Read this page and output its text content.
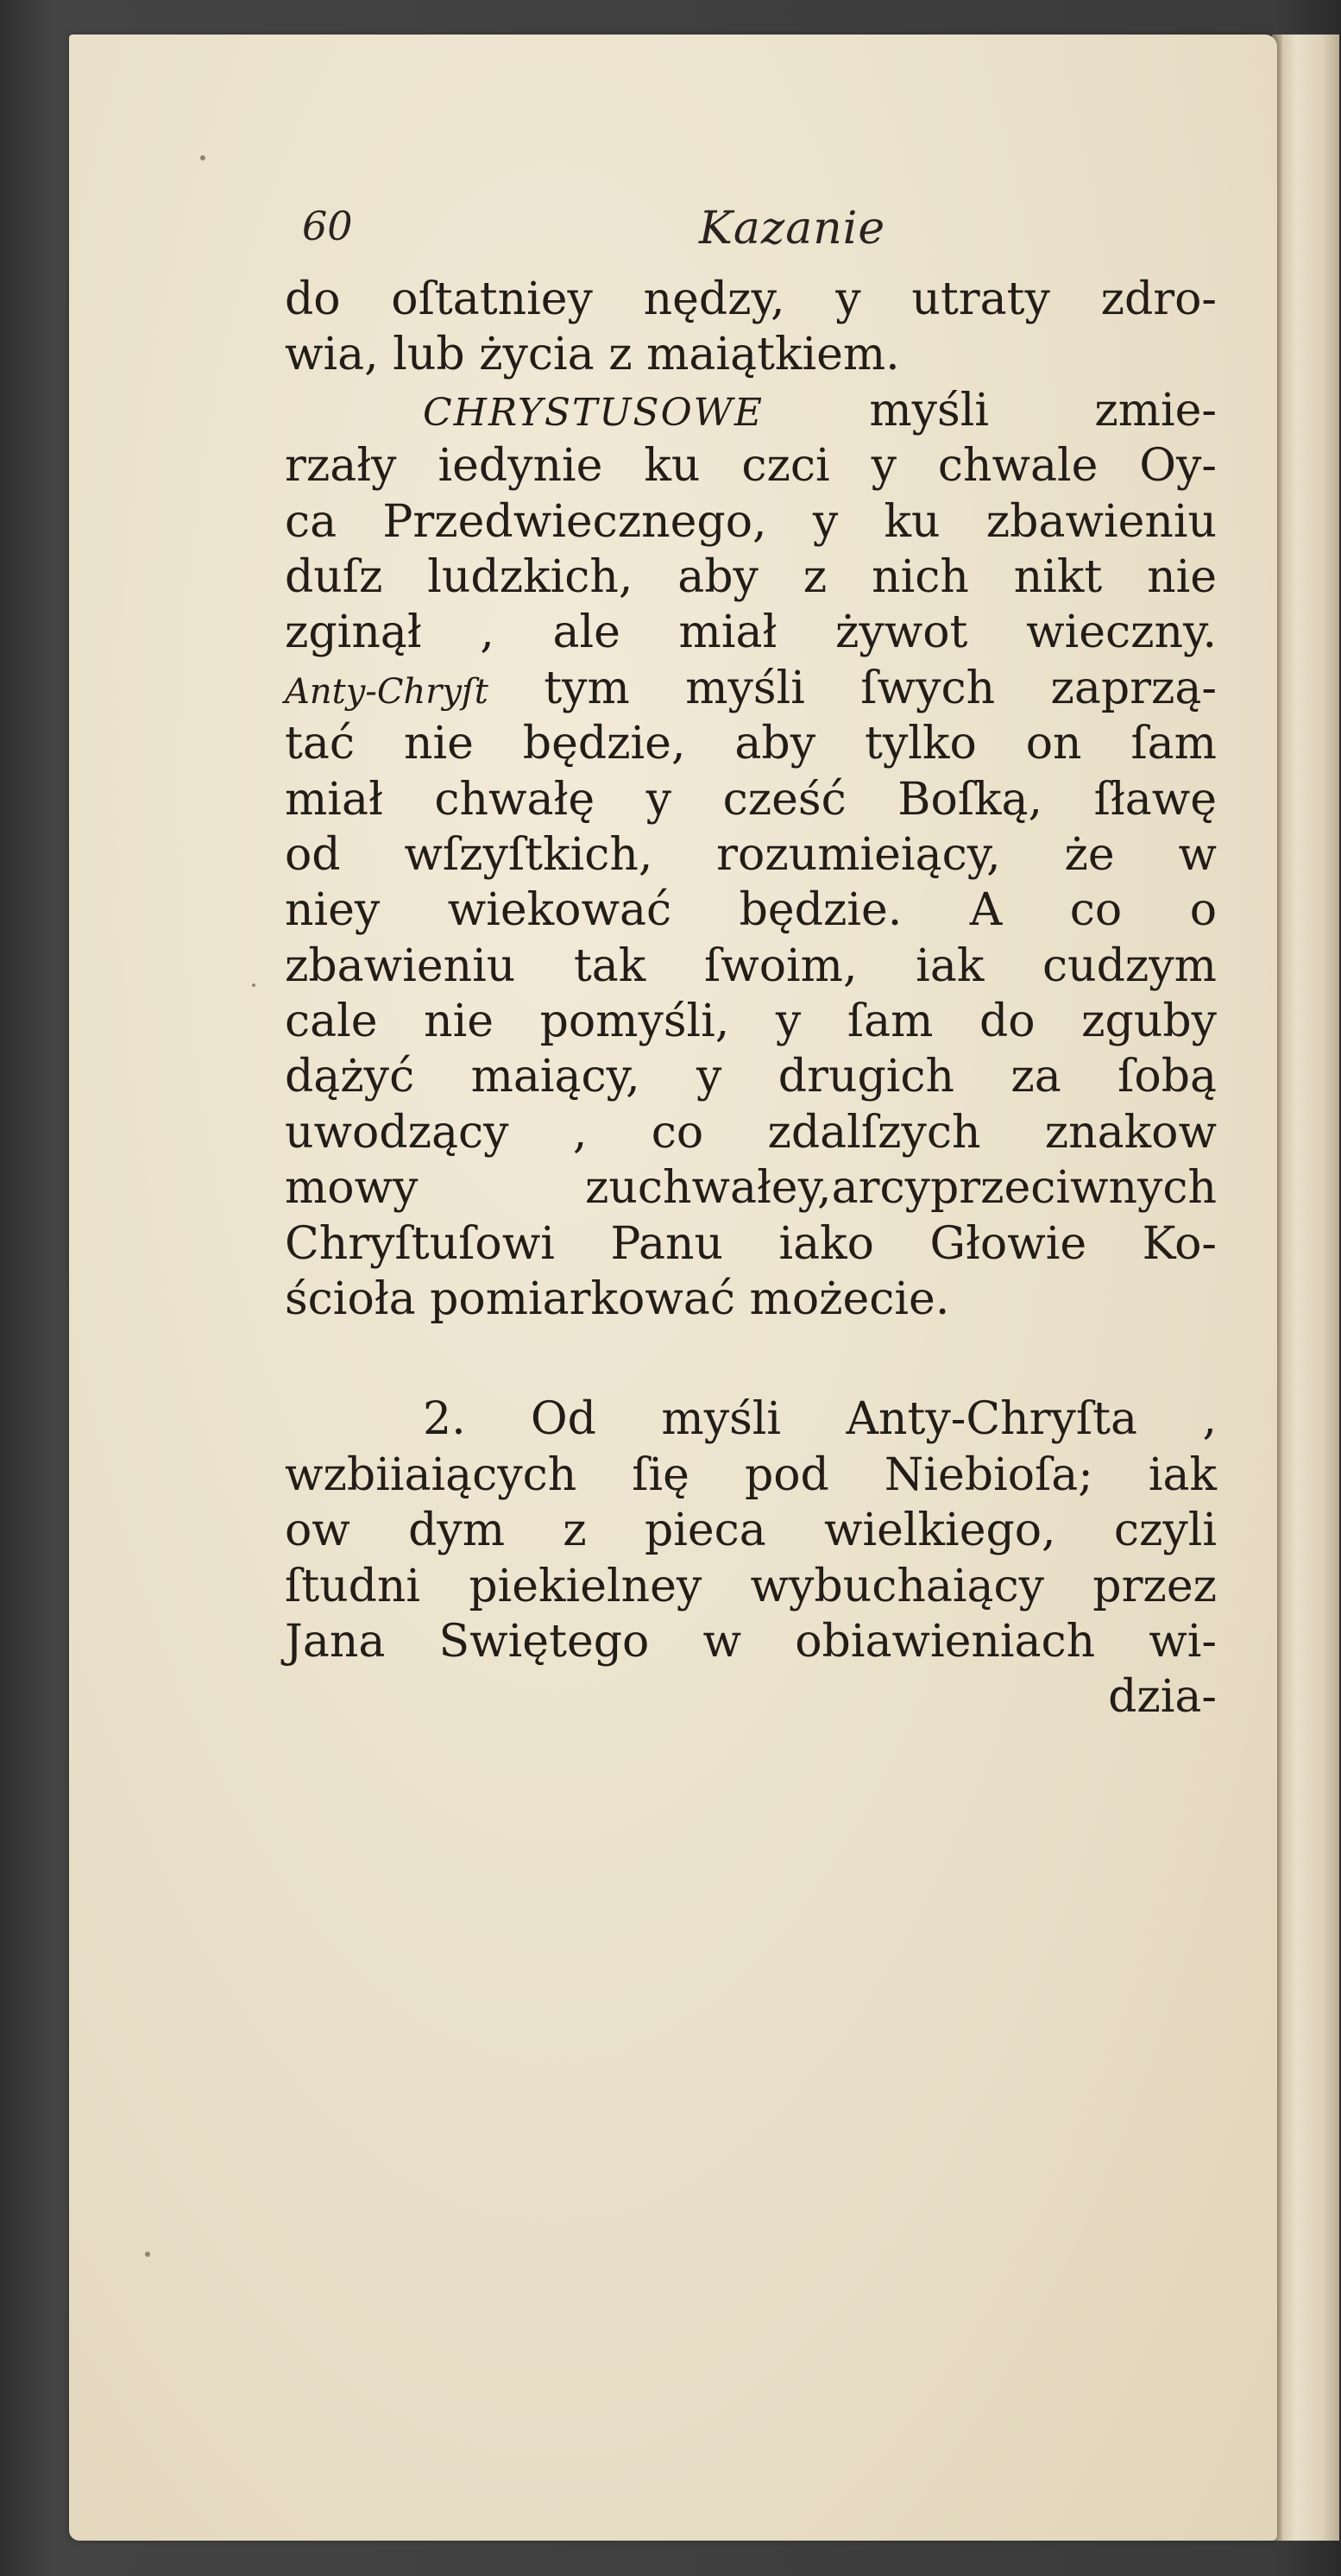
60	Kazanie
do oſtatniey nędzy, y utraty zdro-
wia, lub życia z maiątkiem.
CHRYSTUSOWE myśli zmie-
rzały iedynie ku czci y chwale Oy-
ca Przedwiecznego, y ku zbawieniu
duſz ludzkich, aby z nich nikt nie
zginął , ale miał żywot wieczny.
Anty-Chryſt tym myśli ſwych zaprzą-
tać nie będzie, aby tylko on ſam
miał chwałę y cześć Boſką, ſławę
od wſzyſtkich, rozumieiący, że w
niey wiekować będzie. A co o
zbawieniu tak ſwoim, iak cudzym
cale nie pomyśli, y ſam do zguby
dążyć maiący, y drugich za ſobą
uwodzący , co zdalſzych znakow
mowy zuchwałey,arcyprzeciwnych
Chryſtuſowi Panu iako Głowie Ko-
ścioła pomiarkować możecie.
2. Od myśli Anty-Chryſta ,
wzbiiaiących ſię pod Niebioſa; iak
ow dym z pieca wielkiego, czyli
ſtudni piekielney wybuchaiący przez
Jana Swiętego w obiawieniach wi-
dzia-
